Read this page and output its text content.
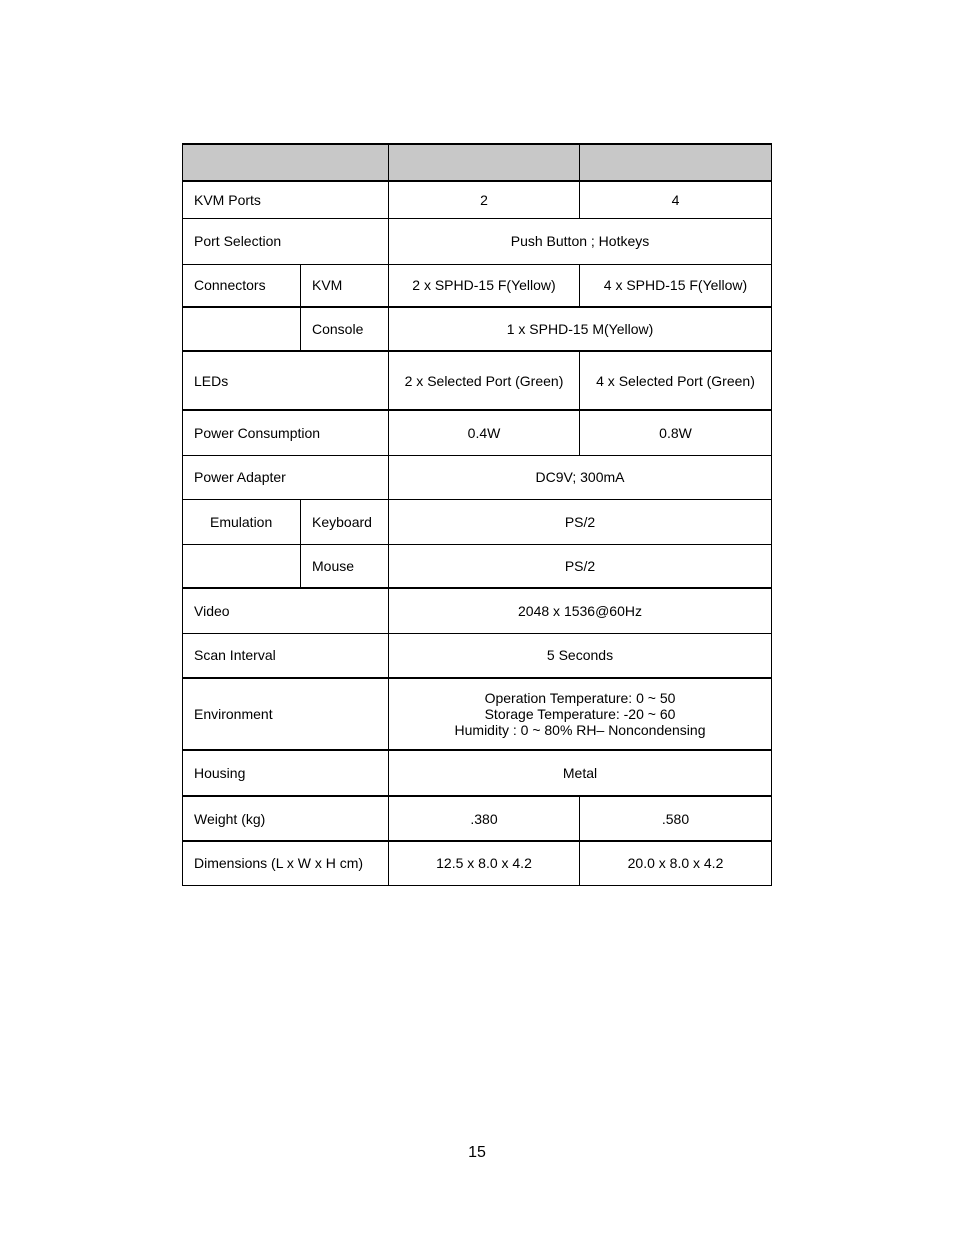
KVM Ports		2	4
Port Selection		Push Button ; Hotkeys	
Connectors	KVM	2 x SPHD-15 F(Yellow)	4 x SPHD-15 F(Yellow)
	Console	1 x SPHD-15 M(Yellow)	
LEDs		2 x Selected Port (Green)	4 x Selected Port (Green)
Power Consumption		0.4W	0.8W
Power Adapter		DC9V; 300mA	
Emulation	Keyboard	PS/2	
	Mouse	PS/2	
Video		2048 x 1536@60Hz	
Scan Interval		5 Seconds	
Environment		Operation Temperature: 0 ~ 50
Storage Temperature: -20 ~ 60
Humidity : 0 ~ 80% RH– Noncondensing	

Housing		Metal	
Weight (kg)		.380	.580
Dimensions (L x W x H cm)		12.5 x 8.0 x 4.2	20.0 x 8.0 x 4.2
15
